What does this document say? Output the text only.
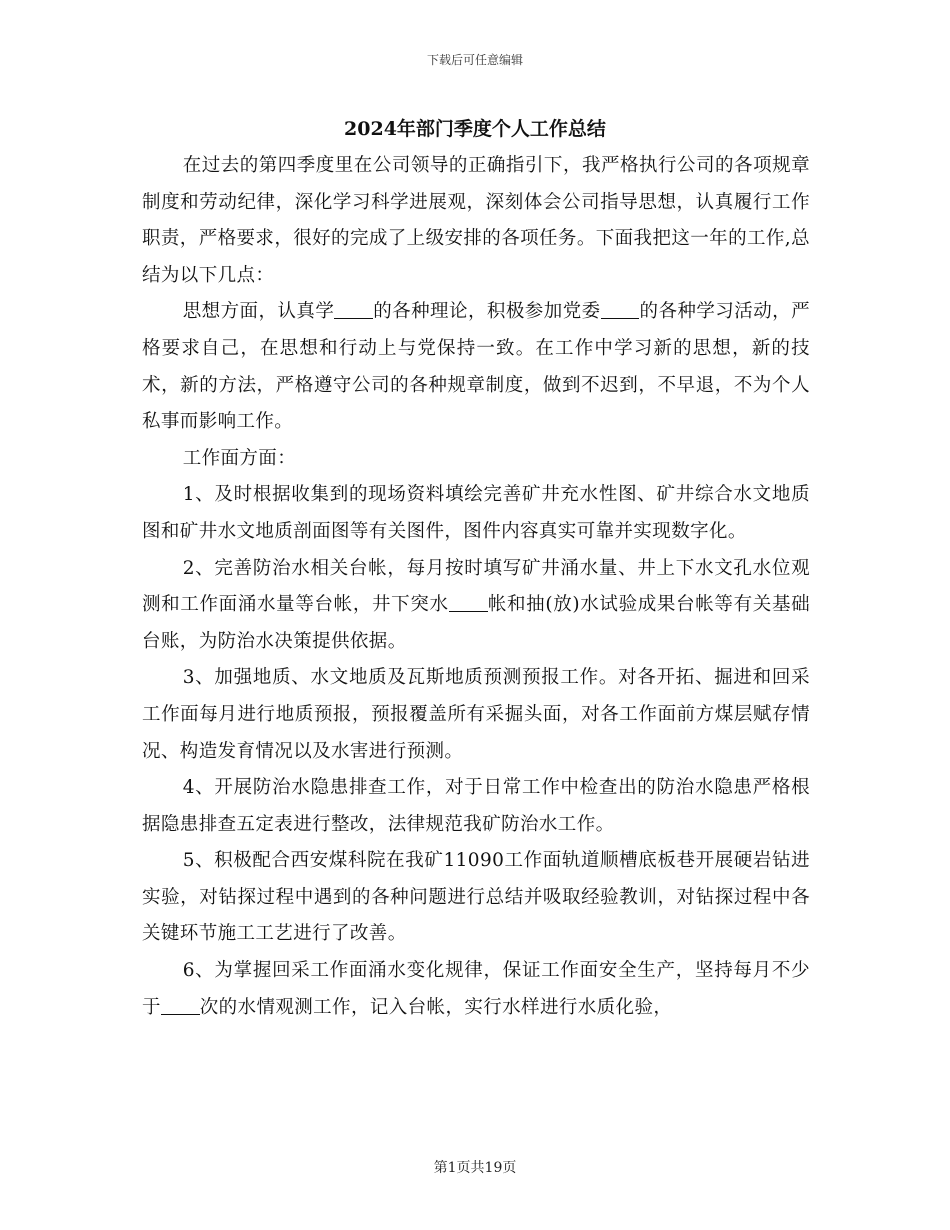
下载后可任意编辑
2024年部门季度个人工作总结

在过去的第四季度里在公司领导的正确指引下，我严格执行公司的各项规章制度和劳动纪律，深化学习科学进展观，深刻体会公司指导思想，认真履行工作职责，严格要求，很好的完成了上级安排的各项任务。下面我把这一年的工作,总结为以下几点：

思想方面，认真学 的各种理论，积极参加党委 的各种学习活动，严格要求自己，在思想和行动上与党保持一致。在工作中学习新的思想，新的技术，新的方法，严格遵守公司的各种规章制度，做到不迟到，不早退，不为个人私事而影响工作。

工作面方面：

1、及时根据收集到的现场资料填绘完善矿井充水性图、矿井综合水文地质图和矿井水文地质剖面图等有关图件，图件内容真实可靠并实现数字化。

2、完善防治水相关台帐，每月按时填写矿井涌水量、井上下水文孔水位观测和工作面涌水量等台帐，井下突水 帐和抽(放)水试验成果台帐等有关基础台账，为防治水决策提供依据。

3、加强地质、水文地质及瓦斯地质预测预报工作。对各开拓、掘进和回采工作面每月进行地质预报，预报覆盖所有采掘头面，对各工作面前方煤层赋存情况、构造发育情况以及水害进行预测。

4、开展防治水隐患排查工作，对于日常工作中检查出的防治水隐患严格根据隐患排查五定表进行整改，法律规范我矿防治水工作。

5、积极配合西安煤科院在我矿11090工作面轨道顺槽底板巷开展硬岩钻进实验，对钻探过程中遇到的各种问题进行总结并吸取经验教训，对钻探过程中各关键环节施工工艺进行了改善。

6、为掌握回采工作面涌水变化规律，保证工作面安全生产，坚持每月不少于 次的水情观测工作，记入台帐，实行水样进行水质化验，

第1页共19页
